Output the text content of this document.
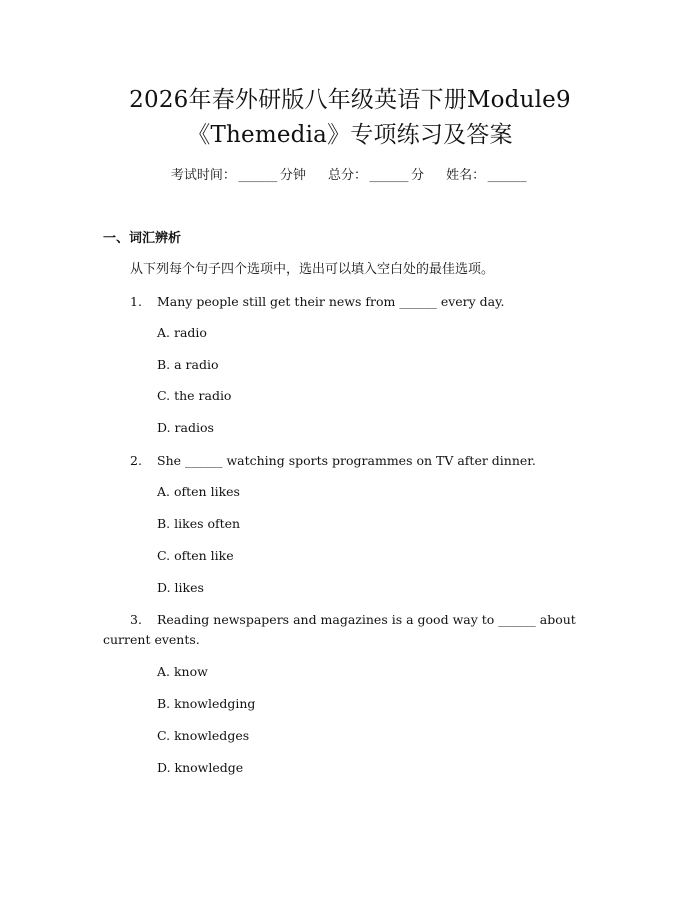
2026年春外研版八年级英语下册Module9
《Themedia》专项练习及答案
考试时间： ______ 分钟 总分： ______ 分 姓名： ______
一、词汇辨析
从下列每个句子四个选项中，选出可以填入空白处的最佳选项。
1. Many people still get their news from ______ every day.
A. radio
B. a radio
C. the radio
D. radios
2. She ______ watching sports programmes on TV after dinner.
A. often likes
B. likes often
C. often like
D. likes
3. Reading newspapers and magazines is a good way to ______ about
current events.
A. know
B. knowledging
C. knowledges
D. knowledge
